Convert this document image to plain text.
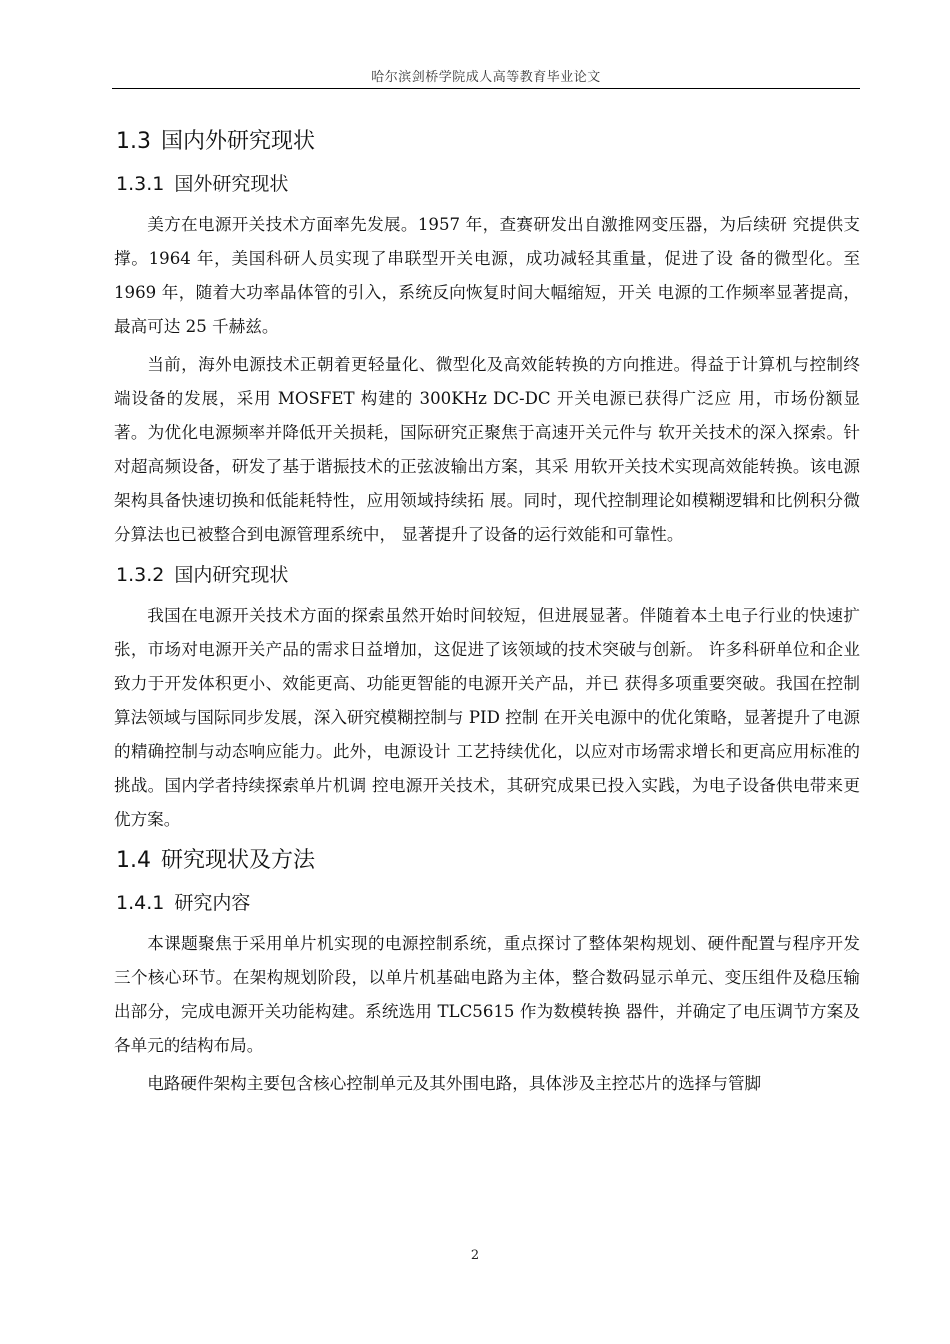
哈尔滨剑桥学院成人高等教育毕业论文
1.3 国内外研究现状
1.3.1 国外研究现状

美方在电源开关技术方面率先发展。1957 年，查赛研发出自激推网变压器，为后续研 究提供支撑。1964 年，美国科研人员实现了串联型开关电源，成功减轻其重量，促进了设 备的微型化。至 1969 年，随着大功率晶体管的引入，系统反向恢复时间大幅缩短，开关 电源的工作频率显著提高，最高可达 25 千赫兹。

当前，海外电源技术正朝着更轻量化、微型化及高效能转换的方向推进。得益于计算机与控制终端设备的发展，采用 MOSFET 构建的 300KHz DC-DC 开关电源已获得广泛应 用，市场份额显著。为优化电源频率并降低开关损耗，国际研究正聚焦于高速开关元件与 软开关技术的深入探索。针对超高频设备，研发了基于谐振技术的正弦波输出方案，其采 用软开关技术实现高效能转换。该电源架构具备快速切换和低能耗特性，应用领域持续拓 展。同时，现代控制理论如模糊逻辑和比例积分微分算法也已被整合到电源管理系统中， 显著提升了设备的运行效能和可靠性。

1.3.2 国内研究现状

我国在电源开关技术方面的探索虽然开始时间较短，但进展显著。伴随着本土电子行业的快速扩张，市场对电源开关产品的需求日益增加，这促进了该领域的技术突破与创新。 许多科研单位和企业致力于开发体积更小、效能更高、功能更智能的电源开关产品，并已 获得多项重要突破。我国在控制算法领域与国际同步发展，深入研究模糊控制与 PID 控制 在开关电源中的优化策略，显著提升了电源的精确控制与动态响应能力。此外，电源设计 工艺持续优化，以应对市场需求增长和更高应用标准的挑战。国内学者持续探索单片机调 控电源开关技术，其研究成果已投入实践，为电子设备供电带来更优方案。

1.4 研究现状及方法
1.4.1 研究内容

本课题聚焦于采用单片机实现的电源控制系统，重点探讨了整体架构规划、硬件配置与程序开发三个核心环节。在架构规划阶段，以单片机基础电路为主体，整合数码显示单元、变压组件及稳压输出部分，完成电源开关功能构建。系统选用 TLC5615 作为数模转换 器件，并确定了电压调节方案及各单元的结构布局。

电路硬件架构主要包含核心控制单元及其外围电路，具体涉及主控芯片的选择与管脚

2
